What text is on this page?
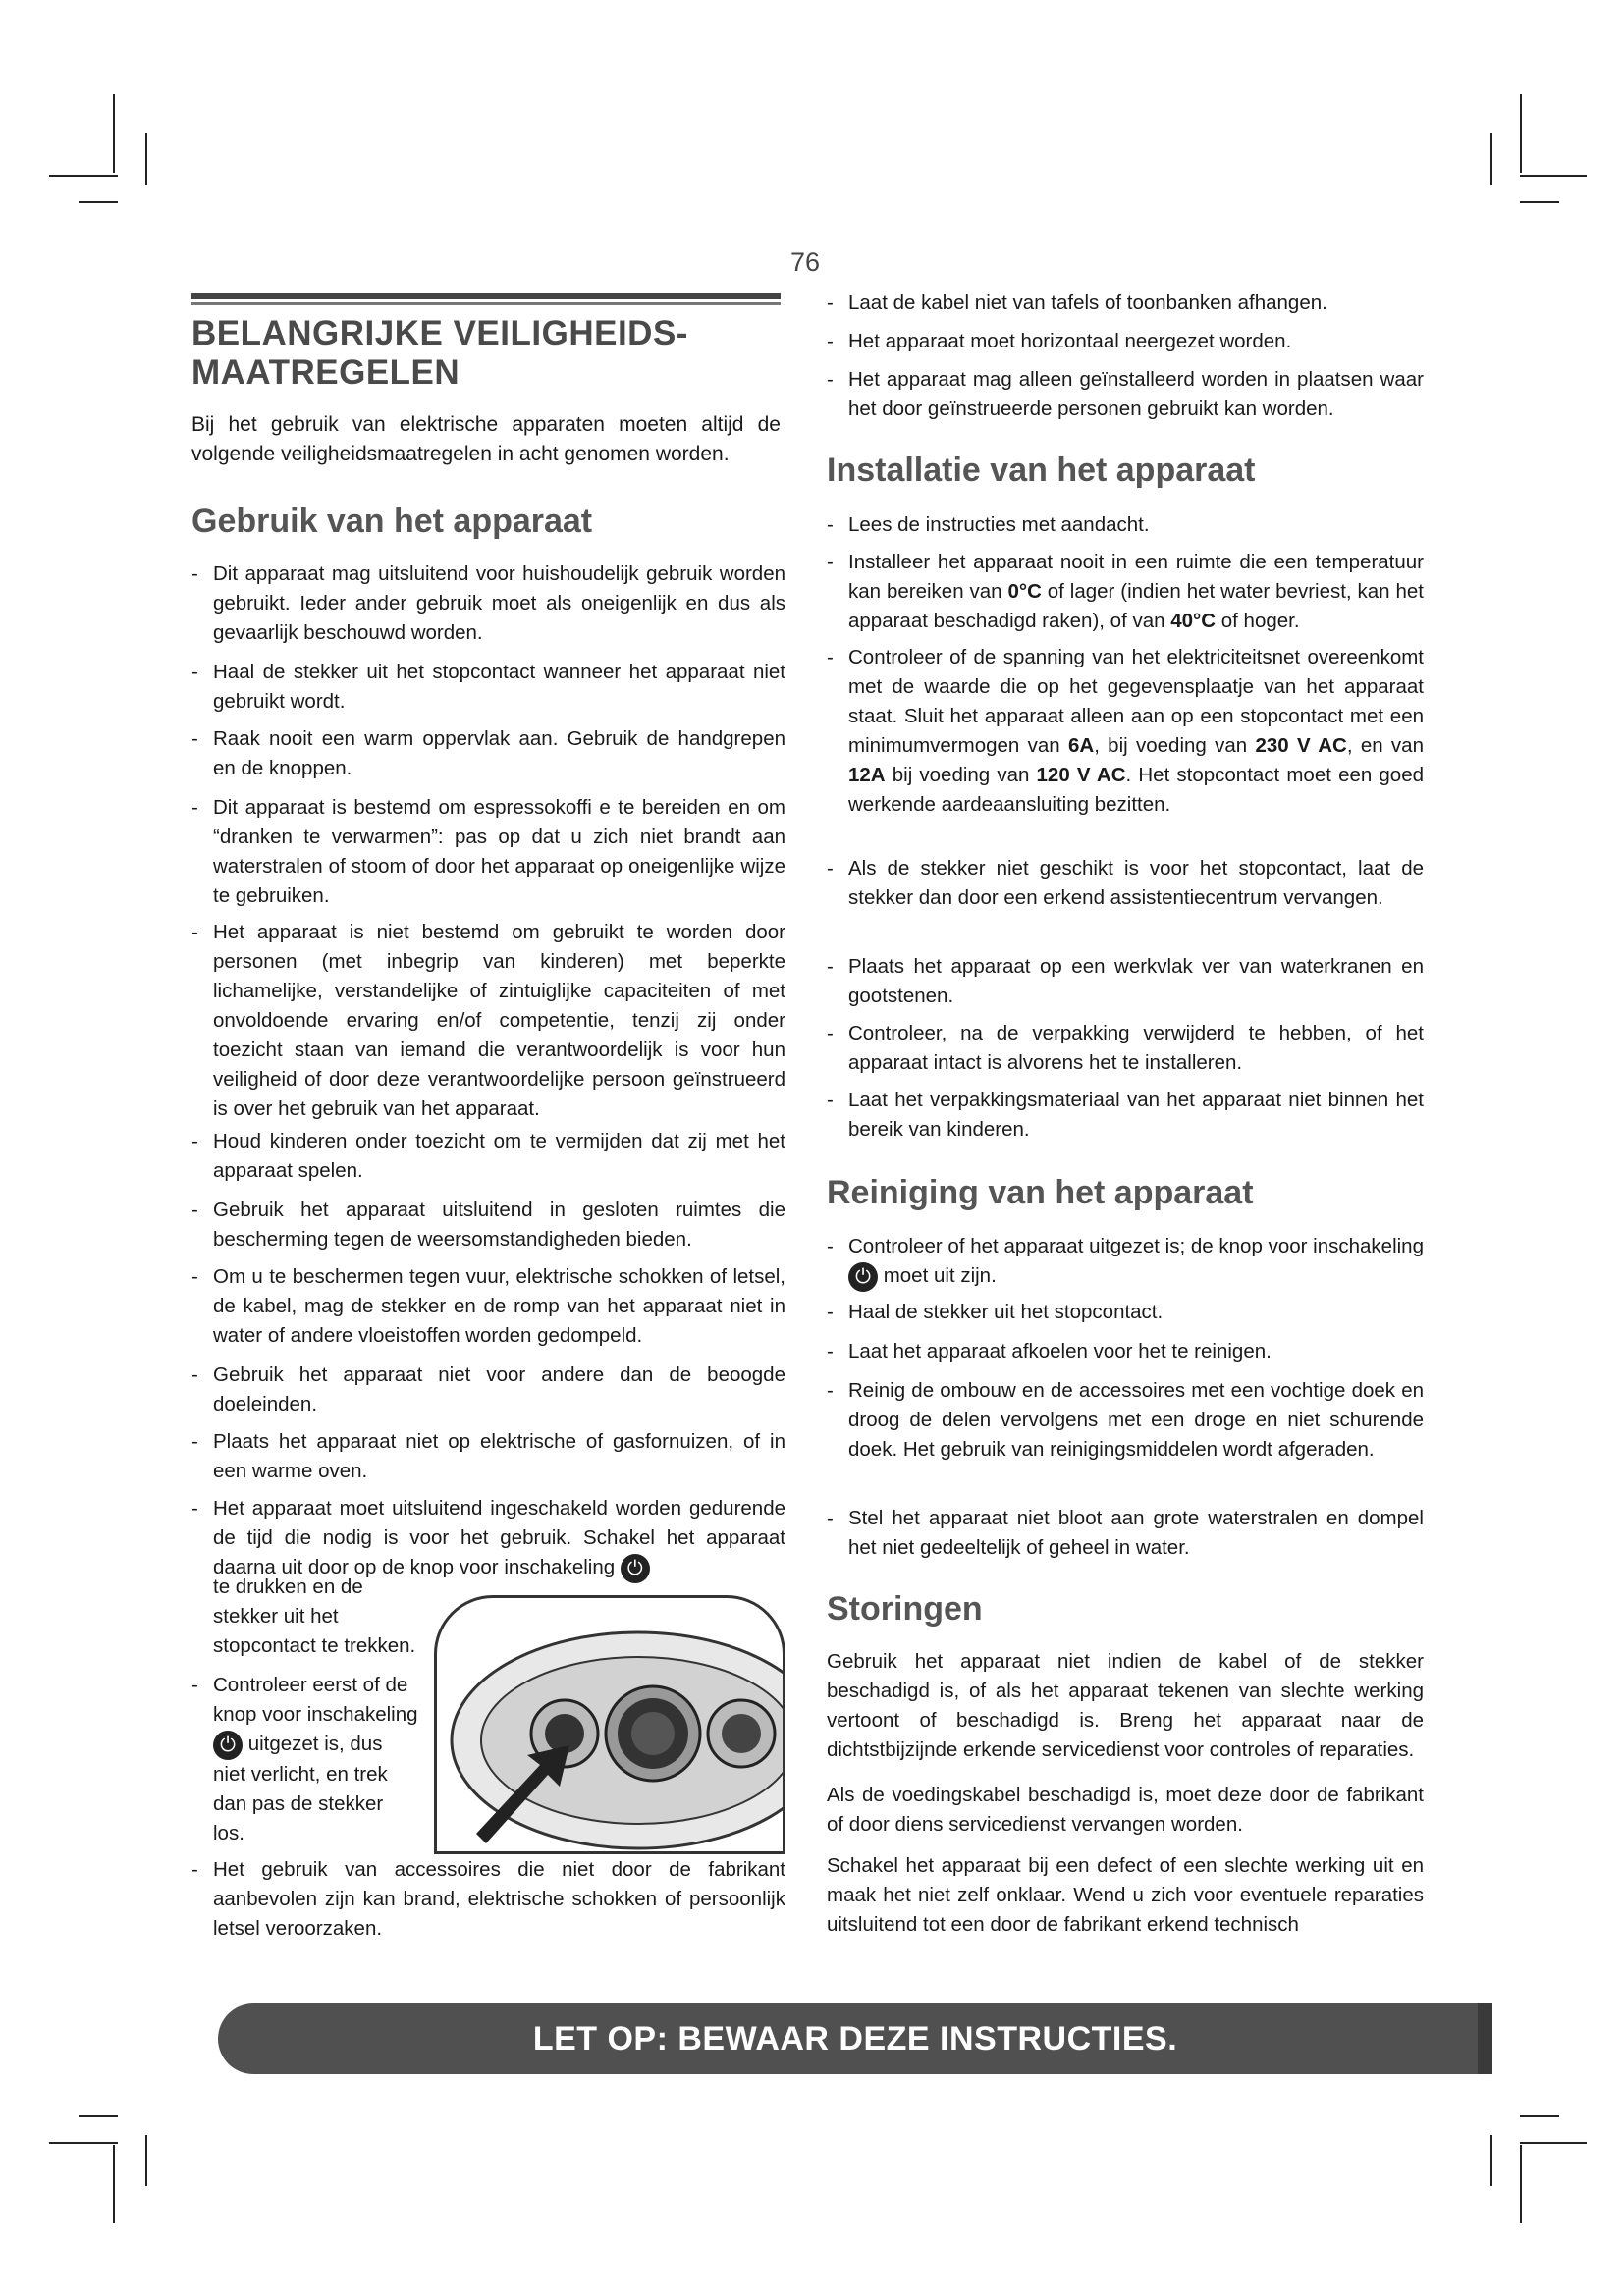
76
BELANGRIJKE VEILIGHEIDS-
MAATREGELEN
Bij het gebruik van elektrische apparaten moeten altijd de volgende veiligheidsmaatregelen in acht genomen worden.
Gebruik van het apparaat
- Dit apparaat mag uitsluitend voor huishoudelijk gebruik worden gebruikt. Ieder ander gebruik moet als oneigenlijk en dus als gevaarlijk beschouwd worden.
- Haal de stekker uit het stopcontact wanneer het apparaat niet gebruikt wordt.
- Raak nooit een warm oppervlak aan. Gebruik de handgrepen en de knoppen.
- Dit apparaat is bestemd om espressokoffi e te bereiden en om “dranken te verwarmen”: pas op dat u zich niet brandt aan waterstralen of stoom of door het apparaat op oneigenlijke wijze te gebruiken.
- Het apparaat is niet bestemd om gebruikt te worden door personen (met inbegrip van kinderen) met beperkte lichamelijke, verstandelijke of zintuiglijke capaciteiten of met onvoldoende ervaring en/of competentie, tenzij zij onder toezicht staan van iemand die verantwoordelijk is voor hun veiligheid of door deze verantwoordelijke persoon geïnstrueerd is over het gebruik van het apparaat.
- Houd kinderen onder toezicht om te vermijden dat zij met het apparaat spelen.
- Gebruik het apparaat uitsluitend in gesloten ruimtes die bescherming tegen de weersomstandigheden bieden.
- Om u te beschermen tegen vuur, elektrische schokken of letsel, de kabel, mag de stekker en de romp van het apparaat niet in water of andere vloeistoffen worden gedompeld.
- Gebruik het apparaat niet voor andere dan de beoogde doeleinden.
- Plaats het apparaat niet op elektrische of gasfornuizen, of in een warme oven.
- Het apparaat moet uitsluitend ingeschakeld worden gedurende de tijd die nodig is voor het gebruik. Schakel het apparaat daarna uit door op de knop voor inschakeling ⏻
te drukken en de stekker uit het stopcontact te trekken.
- Controleer eerst of de knop voor inschakeling ⏻ uitgezet is, dus niet verlicht, en trek dan pas de stekker los.
- Het gebruik van accessoires die niet door de fabrikant aanbevolen zijn kan brand, elektrische schokken of persoonlijk letsel veroorzaken.
- Laat de kabel niet van tafels of toonbanken afhangen.
- Het apparaat moet horizontaal neergezet worden.
- Het apparaat mag alleen geïnstalleerd worden in plaatsen waar het door geïnstrueerde personen gebruikt kan worden.
Installatie van het apparaat
- Lees de instructies met aandacht.
- Installeer het apparaat nooit in een ruimte die een temperatuur kan bereiken van 0°C of lager (indien het water bevriest, kan het apparaat beschadigd raken), of van 40°C of hoger.
- Controleer of de spanning van het elektriciteitsnet overeenkomt met de waarde die op het gegevensplaatje van het apparaat staat. Sluit het apparaat alleen aan op een stopcontact met een minimumvermogen van 6A, bij voeding van 230 V AC, en van 12A bij voeding van 120 V AC. Het stopcontact moet een goed werkende aardeaansluiting bezitten.
- Als de stekker niet geschikt is voor het stopcontact, laat de stekker dan door een erkend assistentiecentrum vervangen.
- Plaats het apparaat op een werkvlak ver van waterkranen en gootstenen.
- Controleer, na de verpakking verwijderd te hebben, of het apparaat intact is alvorens het te installeren.
- Laat het verpakkingsmateriaal van het apparaat niet binnen het bereik van kinderen.
Reiniging van het apparaat
- Controleer of het apparaat uitgezet is; de knop voor inschakeling ⏻ moet uit zijn.
- Haal de stekker uit het stopcontact.
- Laat het apparaat afkoelen voor het te reinigen.
- Reinig de ombouw en de accessoires met een vochtige doek en droog de delen vervolgens met een droge en niet schurende doek. Het gebruik van reinigingsmiddelen wordt afgeraden.
- Stel het apparaat niet bloot aan grote waterstralen en dompel het niet gedeeltelijk of geheel in water.
Storingen
Gebruik het apparaat niet indien de kabel of de stekker beschadigd is, of als het apparaat tekenen van slechte werking vertoont of beschadigd is. Breng het apparaat naar de dichtstbijzijnde erkende servicedienst voor controles of reparaties.
Als de voedingskabel beschadigd is, moet deze door de fabrikant of door diens servicedienst vervangen worden.
Schakel het apparaat bij een defect of een slechte werking uit en maak het niet zelf onklaar. Wend u zich voor eventuele reparaties uitsluitend tot een door de fabrikant erkend technisch
LET OP: BEWAAR DEZE INSTRUCTIES.
